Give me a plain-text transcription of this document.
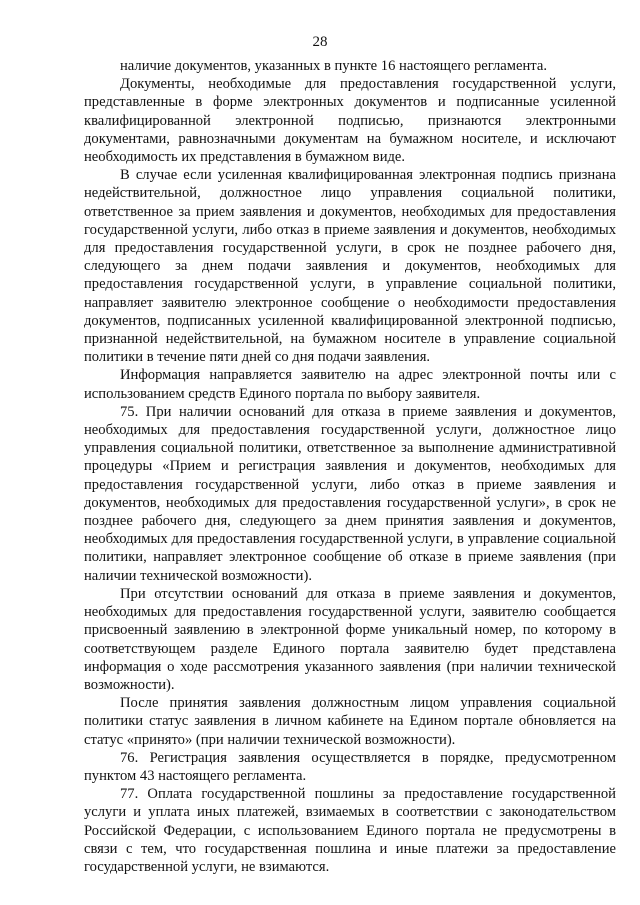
28

наличие документов, указанных в пункте 16 настоящего регламента.

Документы, необходимые для предоставления государственной услуги, представленные в форме электронных документов и подписанные усиленной квалифицированной электронной подписью, признаются электронными документами, равнозначными документам на бумажном носителе, и исключают необходимость их представления в бумажном виде.

В случае если усиленная квалифицированная электронная подпись признана недействительной, должностное лицо управления социальной политики, ответственное за прием заявления и документов, необходимых для предоставления государственной услуги, либо отказ в приеме заявления и документов, необходимых для предоставления государственной услуги, в срок не позднее рабочего дня, следующего за днем подачи заявления и документов, необходимых для предоставления государственной услуги, в управление социальной политики, направляет заявителю электронное сообщение о необходимости предоставления документов, подписанных усиленной квалифицированной электронной подписью, признанной недействительной, на бумажном носителе в управление социальной политики в течение пяти дней со дня подачи заявления.

Информация направляется заявителю на адрес электронной почты или с использованием средств Единого портала по выбору заявителя.

75. При наличии оснований для отказа в приеме заявления и документов, необходимых для предоставления государственной услуги, должностное лицо управления социальной политики, ответственное за выполнение административной процедуры «Прием и регистрация заявления и документов, необходимых для предоставления государственной услуги, либо отказ в приеме заявления и документов, необходимых для предоставления государственной услуги», в срок не позднее рабочего дня, следующего за днем принятия заявления и документов, необходимых для предоставления государственной услуги, в управление социальной политики, направляет электронное сообщение об отказе в приеме заявления (при наличии технической возможности).

При отсутствии оснований для отказа в приеме заявления и документов, необходимых для предоставления государственной услуги, заявителю сообщается присвоенный заявлению в электронной форме уникальный номер, по которому в соответствующем разделе Единого портала заявителю будет представлена информация о ходе рассмотрения указанного заявления (при наличии технической возможности).

После принятия заявления должностным лицом управления социальной политики статус заявления в личном кабинете на Едином портале обновляется на статус «принято» (при наличии технической возможности).

76. Регистрация заявления осуществляется в порядке, предусмотренном пунктом 43 настоящего регламента.

77. Оплата государственной пошлины за предоставление государственной услуги и уплата иных платежей, взимаемых в соответствии с законодательством Российской Федерации, с использованием Единого портала не предусмотрены в связи с тем, что государственная пошлина и иные платежи за предоставление государственной услуги, не взимаются.
